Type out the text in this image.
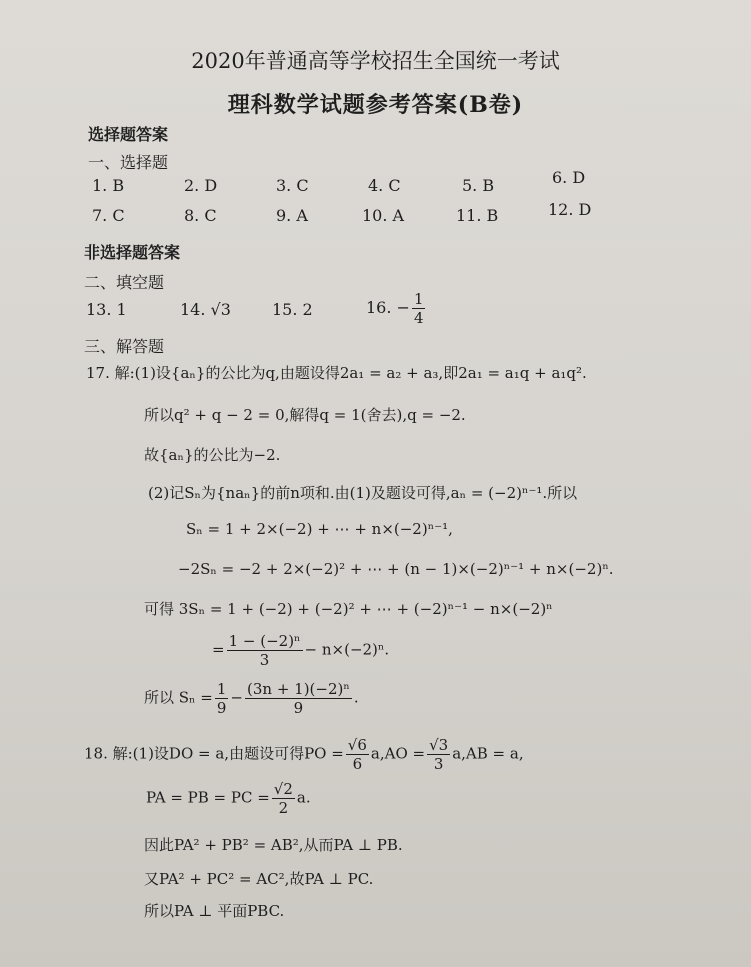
2020年普通高等学校招生全国统一考试
理科数学试题参考答案(B卷)
选择题答案
一、选择题
1. B	2. D	3. C	4. C	5. B	6. D
7. C	8. C	9. A	10. A	11. B	12. D
非选择题答案
二、填空题
13. 1	14. √3	15. 2	16. − $\frac{1}{4}$
三、解答题
17. 解:(1)设{aₙ}的公比为q,由题设得2a₁ = a₂ + a₃,即2a₁ = a₁q + a₁q².
所以q² + q − 2 = 0,解得q = 1(舍去),q = −2.
故{aₙ}的公比为−2.
(2)记Sₙ为{naₙ}的前n项和.由(1)及题设可得,aₙ = (−2)ⁿ⁻¹.所以
Sₙ = 1 + 2×(−2) + ⋯ + n×(−2)ⁿ⁻¹,
−2Sₙ = −2 + 2×(−2)² + ⋯ + (n − 1)×(−2)ⁿ⁻¹ + n×(−2)ⁿ.
可得 3Sₙ = 1 + (−2) + (−2)² + ⋯ + (−2)ⁿ⁻¹ − n×(−2)ⁿ
= $\frac{\text{1 − (−2)ⁿ}}{3} - n\times(-2)^n$.
所以 $S_n = \frac{1}{9} - \frac{\text{(3n + 1)(−2)ⁿ}}{9}$ .
18. 解:(1)设DO = a,由题设可得PO = $\frac{√6}{6} a,AO = \frac{√3}{3} a,AB = a$,
PA = PB = PC = $\frac{√2}{2} a$.
因此PA² + PB² = AB²,从而PA ⊥ PB.
又PA² + PC² = AC²,故PA ⊥ PC.
所以PA ⊥ 平面PBC.
